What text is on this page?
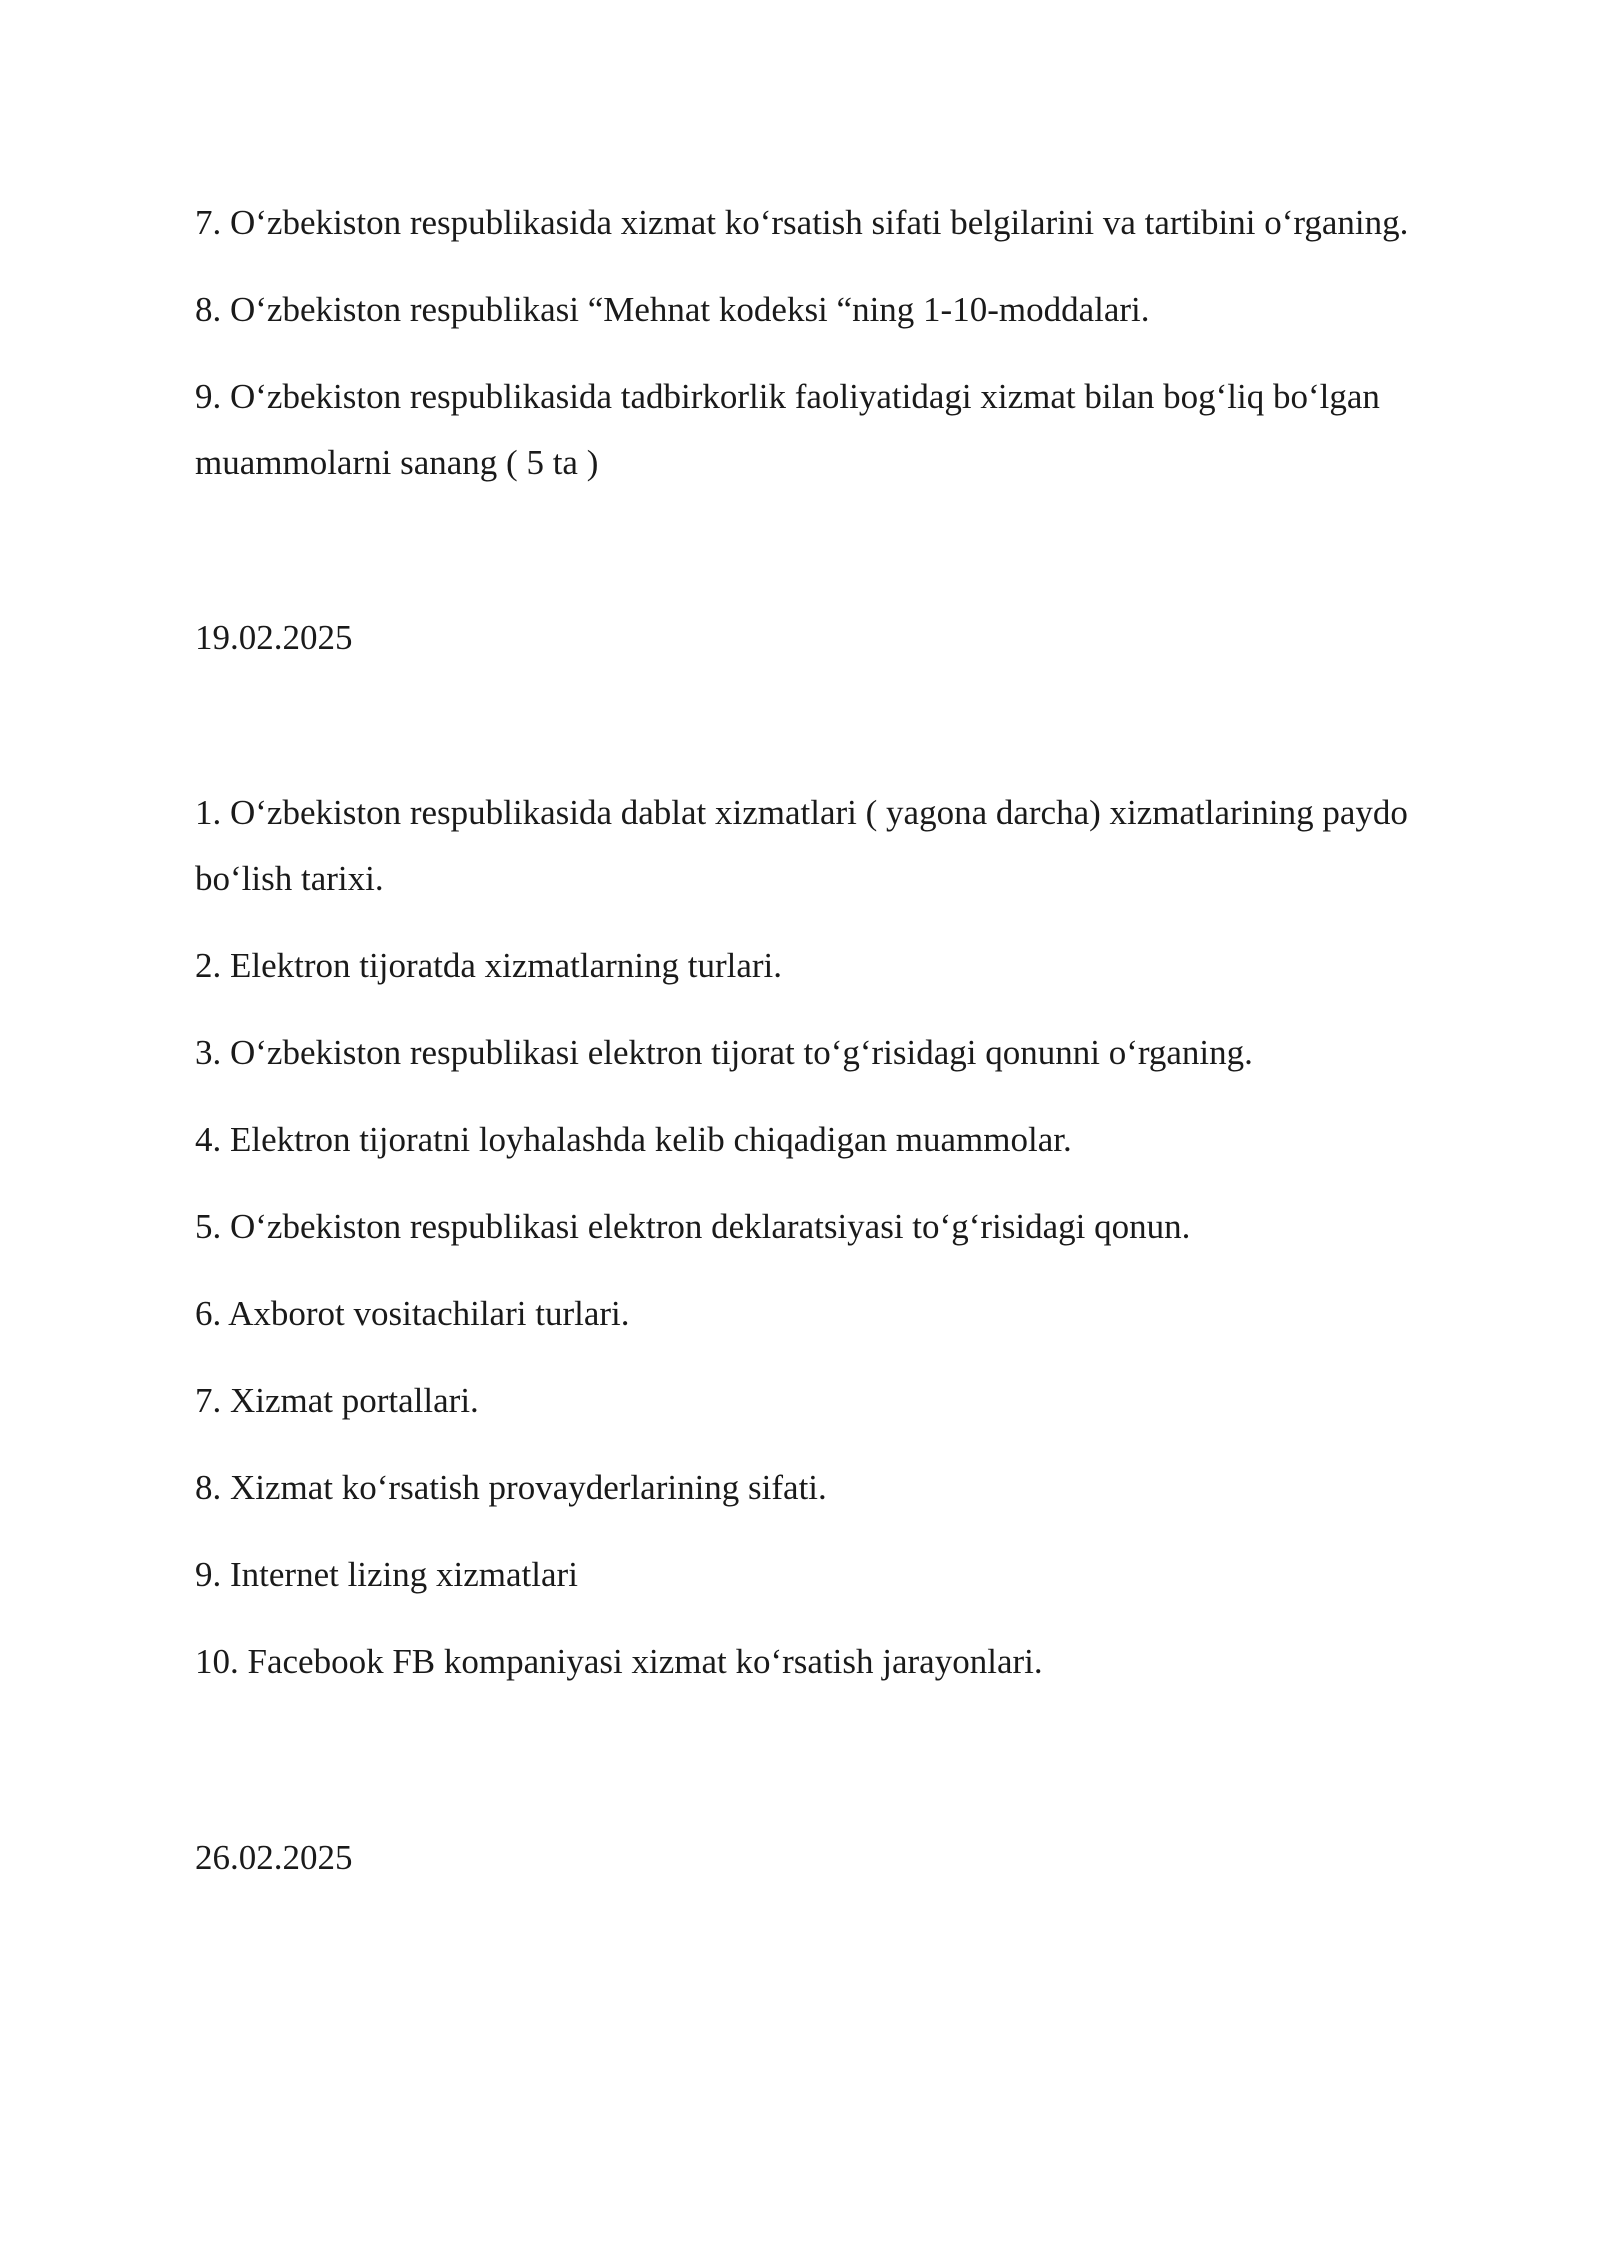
7. O‘zbekiston respublikasida xizmat ko‘rsatish sifati belgilarini va tartibini o‘rganing.

8. O‘zbekiston respublikasi “Mehnat kodeksi “ning 1-10-moddalari.

9. O‘zbekiston respublikasida tadbirkorlik faoliyatidagi xizmat bilan bog‘liq bo‘lgan muammolarni sanang ( 5 ta )

19.02.2025

1. O‘zbekiston respublikasida dablat xizmatlari ( yagona darcha) xizmatlarining paydo bo‘lish tarixi.

2. Elektron tijoratda xizmatlarning turlari.

3. O‘zbekiston respublikasi elektron tijorat to‘g‘risidagi qonunni o‘rganing.

4. Elektron tijoratni loyhalashda kelib chiqadigan muammolar.

5. O‘zbekiston respublikasi elektron deklaratsiyasi to‘g‘risidagi qonun.

6. Axborot vositachilari turlari.

7. Xizmat portallari.

8. Xizmat ko‘rsatish provayderlarining sifati.

9. Internet lizing xizmatlari

10. Facebook FB kompaniyasi xizmat ko‘rsatish jarayonlari.

26.02.2025
